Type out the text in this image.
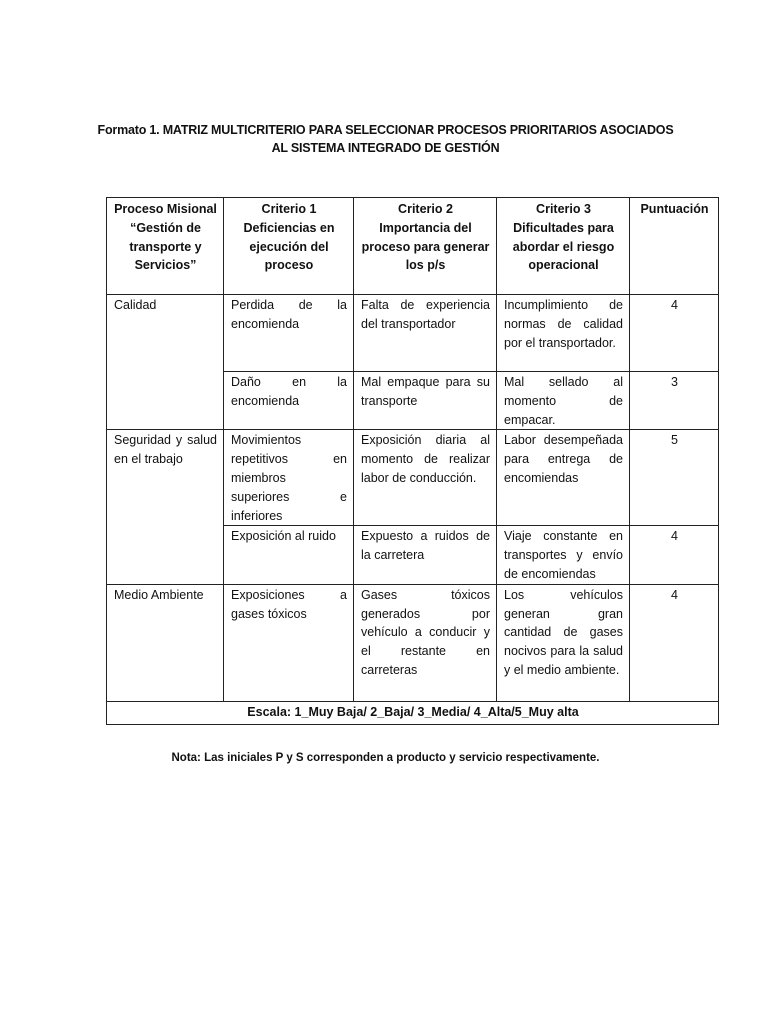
Formato 1. MATRIZ MULTICRITERIO PARA SELECCIONAR PROCESOS PRIORITARIOS ASOCIADOS
AL SISTEMA INTEGRADO DE GESTIÓN
Proceso Misional “Gestión de transporte y Servicios”	Criterio 1 Deficiencias en ejecución del proceso	Criterio 2 Importancia del proceso para generar los p/s	Criterio 3 Dificultades para abordar el riesgo operacional	Puntuación
Calidad	Perdida de la encomienda	Falta de experiencia del transportador	Incumplimiento de normas de calidad por el transportador.	4
	Daño en la encomienda	Mal empaque para su transporte	Mal sellado al momento de empacar.	3
Seguridad y salud en el trabajo	Movimientos repetitivos en miembros superiores e inferiores	Exposición diaria al momento de realizar labor de conducción.	Labor desempeñada para entrega de encomiendas	5
	Exposición al ruido	Expuesto a ruidos de la carretera	Viaje constante en transportes y envío de encomiendas	4
Medio Ambiente	Exposiciones a gases tóxicos	Gases tóxicos generados por vehículo a conducir y el restante en carreteras	Los vehículos generan gran cantidad de gases nocivos para la salud y el medio ambiente.	4
Escala: 1_Muy Baja/ 2_Baja/ 3_Media/ 4_Alta/5_Muy alta				
Nota: Las iniciales P y S corresponden a producto y servicio respectivamente.
